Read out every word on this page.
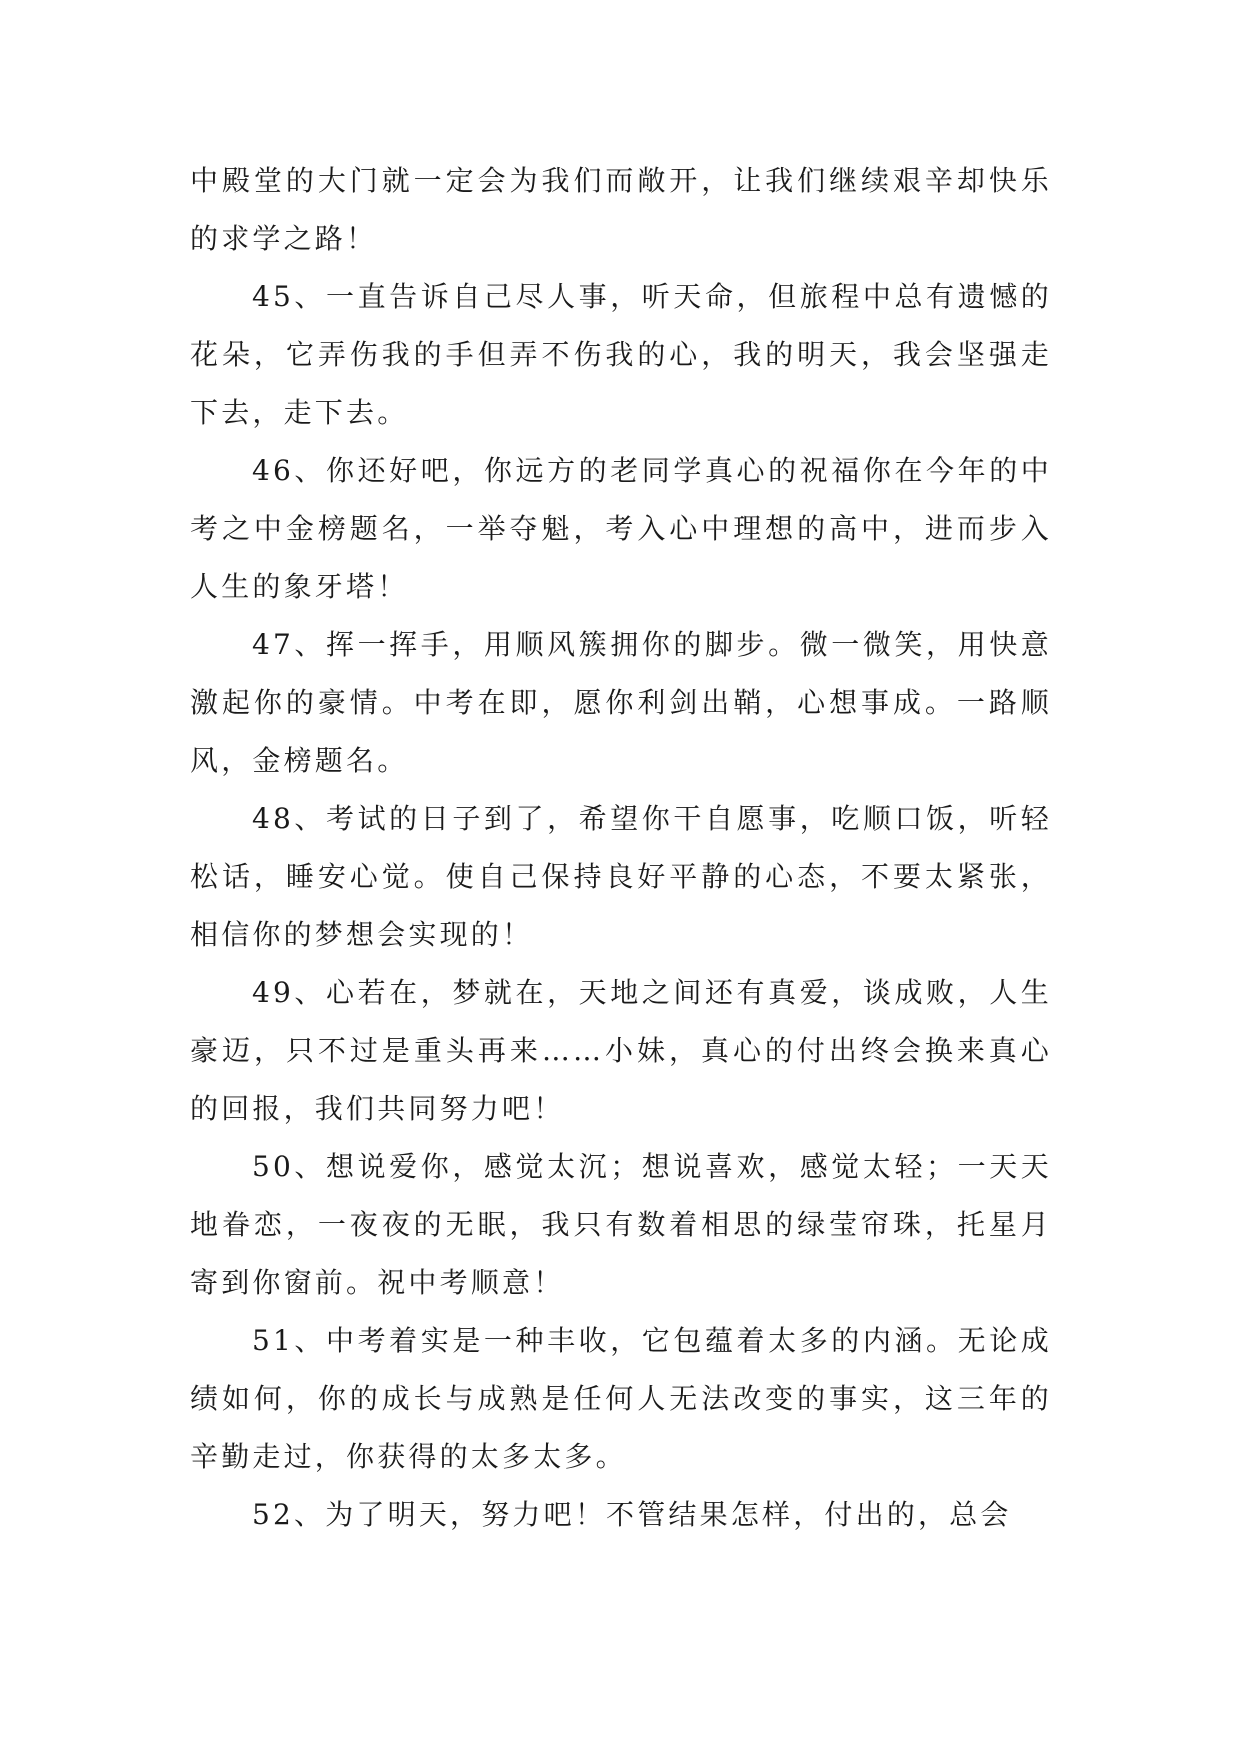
中殿堂的大门就一定会为我们而敞开，让我们继续艰辛却快乐的求学之路！

45、一直告诉自己尽人事，听天命，但旅程中总有遗憾的花朵，它弄伤我的手但弄不伤我的心，我的明天，我会坚强走下去，走下去。

46、你还好吧，你远方的老同学真心的祝福你在今年的中考之中金榜题名，一举夺魁，考入心中理想的高中，进而步入人生的象牙塔！

47、挥一挥手，用顺风簇拥你的脚步。微一微笑，用快意激起你的豪情。中考在即，愿你利剑出鞘，心想事成。一路顺风，金榜题名。

48、考试的日子到了，希望你干自愿事，吃顺口饭，听轻松话，睡安心觉。使自己保持良好平静的心态，不要太紧张，相信你的梦想会实现的！

49、心若在，梦就在，天地之间还有真爱，谈成败，人生豪迈，只不过是重头再来……小妹，真心的付出终会换来真心的回报，我们共同努力吧！

50、想说爱你，感觉太沉；想说喜欢，感觉太轻；一天天地眷恋，一夜夜的无眠，我只有数着相思的绿莹帘珠，托星月寄到你窗前。祝中考顺意！

51、中考着实是一种丰收，它包蕴着太多的内涵。无论成绩如何，你的成长与成熟是任何人无法改变的事实，这三年的辛勤走过，你获得的太多太多。

52、为了明天，努力吧！不管结果怎样，付出的，总会
